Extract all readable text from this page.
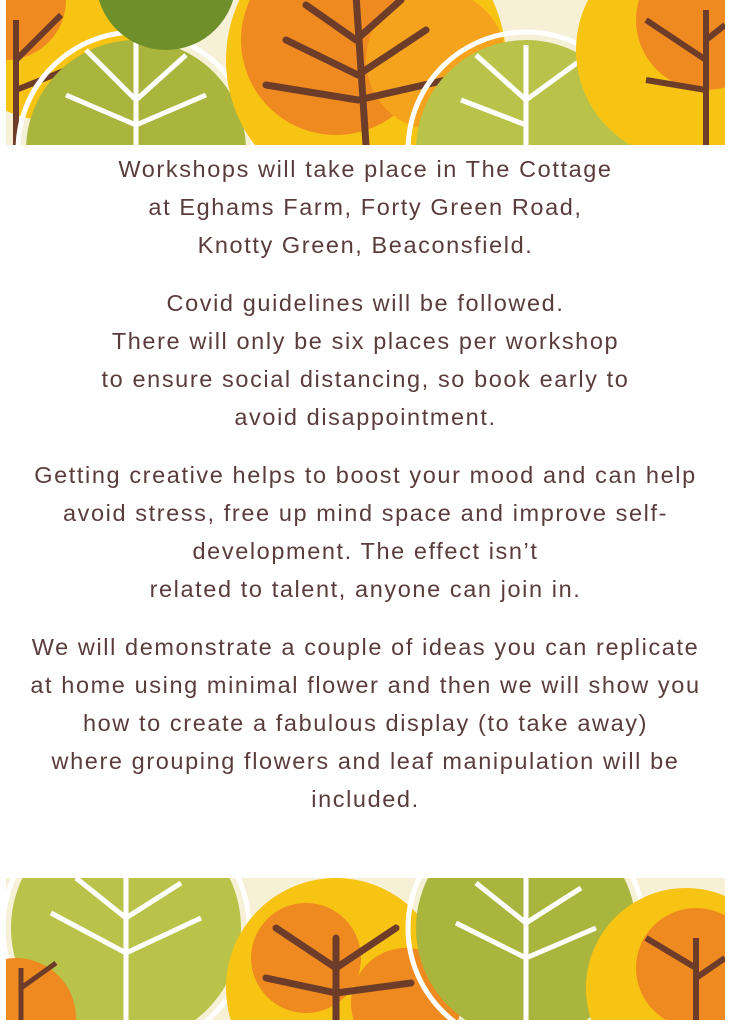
Workshops will take place in The Cottage
at Eghams Farm, Forty Green Road,
Knotty Green, Beaconsfield.

Covid guidelines will be followed.
There will only be six places per workshop
to ensure social distancing, so book early to
avoid disappointment.

Getting creative helps to boost your mood and can help
avoid stress, free up mind space and improve self-
development. The effect isn’t
related to talent, anyone can join in.

We will demonstrate a couple of ideas you can replicate
at home using minimal flower and then we will show you
how to create a fabulous display (to take away)
where grouping flowers and leaf manipulation will be
included.
